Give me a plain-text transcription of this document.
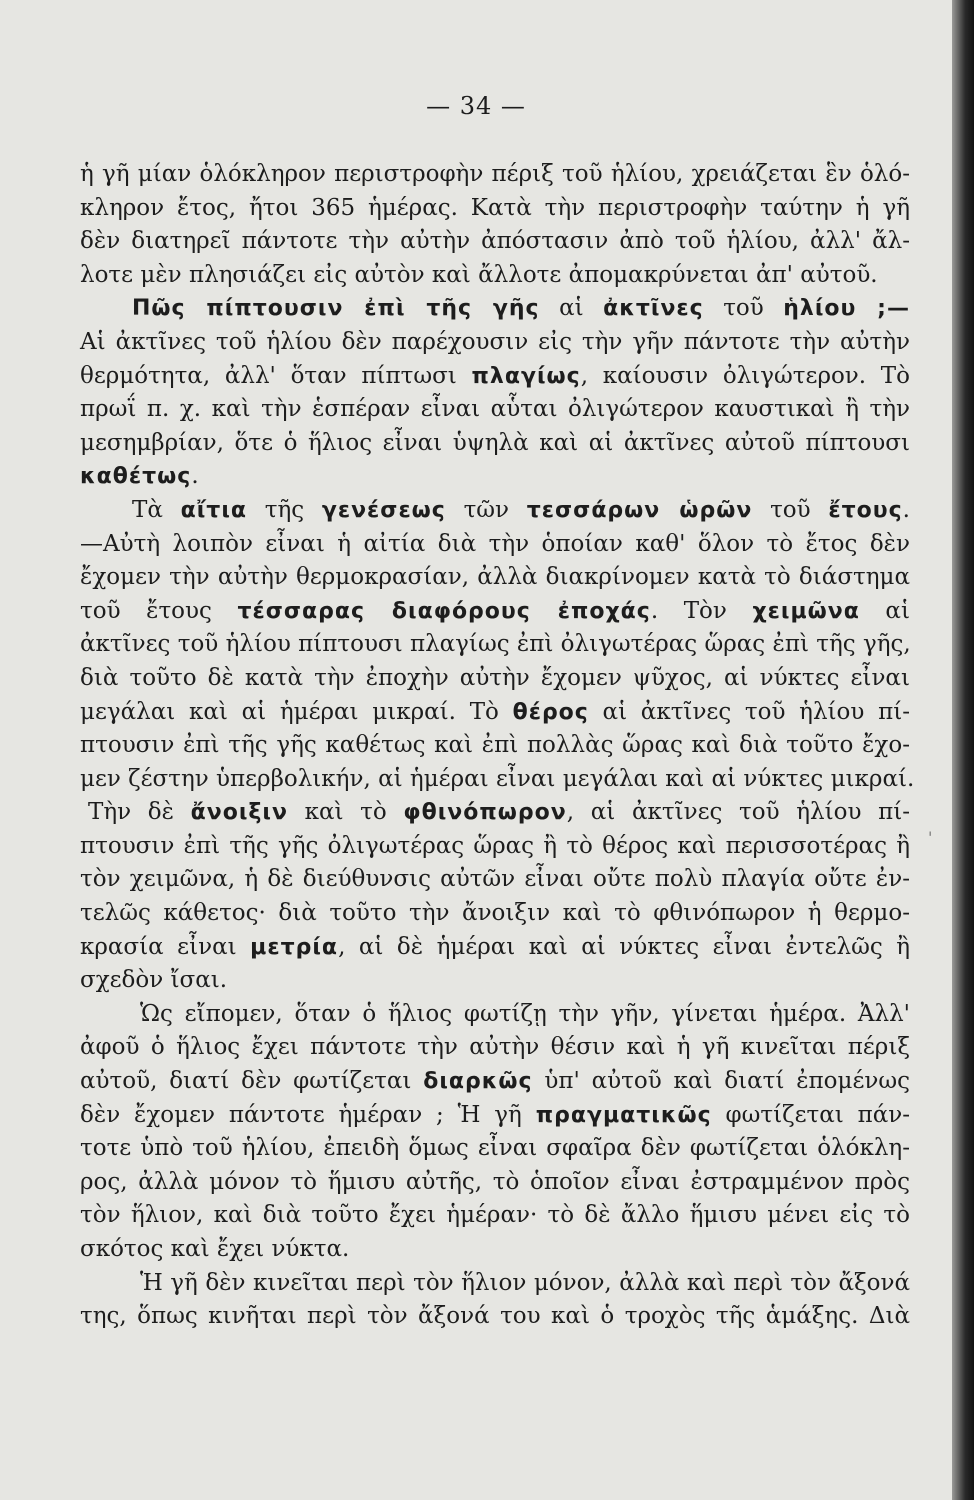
— 34 —
ἡ γῆ μίαν ὁλόκληρον περιστροφὴν πέριξ τοῦ ἡλίου, χρειάζεται ἓν ὁλό-
κληρον ἔτος, ἤτοι 365 ἡμέρας. Κατὰ τὴν περιστροφὴν ταύτην ἡ γῆ
δὲν διατηρεῖ πάντοτε τὴν αὐτὴν ἀπόστασιν ἀπὸ τοῦ ἡλίου, ἀλλ' ἄλ-
λοτε μὲν πλησιάζει εἰς αὐτὸν καὶ ἄλλοτε ἀπομακρύνεται ἀπ' αὐτοῦ.
Πῶς πίπτουσιν ἐπὶ τῆς γῆς αἱ ἀκτῖνες τοῦ ἡλίου ;—
Αἱ ἀκτῖνες τοῦ ἡλίου δὲν παρέχουσιν εἰς τὴν γῆν πάντοτε τὴν αὐτὴν
θερμότητα, ἀλλ' ὅταν πίπτωσι πλαγίως, καίουσιν ὀλιγώτερον. Τὸ
πρωΐ π. χ. καὶ τὴν ἑσπέραν εἶναι αὗται ὀλιγώτερον καυστικαὶ ἢ τὴν
μεσημβρίαν, ὅτε ὁ ἥλιος εἶναι ὑψηλὰ καὶ αἱ ἀκτῖνες αὐτοῦ πίπτουσι
καθέτως.
Τὰ αἴτια τῆς γενέσεως τῶν τεσσάρων ὡρῶν τοῦ ἔτους.
—Αὐτὴ λοιπὸν εἶναι ἡ αἰτία διὰ τὴν ὁποίαν καθ' ὅλον τὸ ἔτος δὲν
ἔχομεν τὴν αὐτὴν θερμοκρασίαν, ἀλλὰ διακρίνομεν κατὰ τὸ διάστημα
τοῦ ἔτους τέσσαρας διαφόρους ἐποχάς. Τὸν χειμῶνα αἱ
ἀκτῖνες τοῦ ἡλίου πίπτουσι πλαγίως ἐπὶ ὀλιγωτέρας ὥρας ἐπὶ τῆς γῆς,
διὰ τοῦτο δὲ κατὰ τὴν ἐποχὴν αὐτὴν ἔχομεν ψῦχος, αἱ νύκτες εἶναι
μεγάλαι καὶ αἱ ἡμέραι μικραί. Τὸ θέρος αἱ ἀκτῖνες τοῦ ἡλίου πί-
πτουσιν ἐπὶ τῆς γῆς καθέτως καὶ ἐπὶ πολλὰς ὥρας καὶ διὰ τοῦτο ἔχο-
μεν ζέστην ὑπερβολικήν, αἱ ἡμέραι εἶναι μεγάλαι καὶ αἱ νύκτες μικραί.
Τὴν δὲ ἄνοιξιν καὶ τὸ φθινόπωρον, αἱ ἀκτῖνες τοῦ ἡλίου πί-
πτουσιν ἐπὶ τῆς γῆς ὀλιγωτέρας ὥρας ἢ τὸ θέρος καὶ περισσοτέρας ἢ
τὸν χειμῶνα, ἡ δὲ διεύθυνσις αὐτῶν εἶναι οὔτε πολὺ πλαγία οὔτε ἐν-
τελῶς κάθετος· διὰ τοῦτο τὴν ἄνοιξιν καὶ τὸ φθινόπωρον ἡ θερμο-
κρασία εἶναι μετρία, αἱ δὲ ἡμέραι καὶ αἱ νύκτες εἶναι ἐντελῶς ἢ
σχεδὸν ἴσαι.
Ὡς εἴπομεν, ὅταν ὁ ἥλιος φωτίζῃ τὴν γῆν, γίνεται ἡμέρα. Ἀλλ'
ἀφοῦ ὁ ἥλιος ἔχει πάντοτε τὴν αὐτὴν θέσιν καὶ ἡ γῆ κινεῖται πέριξ
αὐτοῦ, διατί δὲν φωτίζεται διαρκῶς ὑπ' αὐτοῦ καὶ διατί ἐπομένως
δὲν ἔχομεν πάντοτε ἡμέραν ; Ἡ γῆ πραγματικῶς φωτίζεται πάν-
τοτε ὑπὸ τοῦ ἡλίου, ἐπειδὴ ὅμως εἶναι σφαῖρα δὲν φωτίζεται ὁλόκλη-
ρος, ἀλλὰ μόνον τὸ ἥμισυ αὐτῆς, τὸ ὁποῖον εἶναι ἐστραμμένον πρὸς
τὸν ἥλιον, καὶ διὰ τοῦτο ἔχει ἡμέραν· τὸ δὲ ἄλλο ἥμισυ μένει εἰς τὸ
σκότος καὶ ἔχει νύκτα.
Ἡ γῆ δὲν κινεῖται περὶ τὸν ἥλιον μόνον, ἀλλὰ καὶ περὶ τὸν ἄξονά
της, ὅπως κινῆται περὶ τὸν ἄξονά του καὶ ὁ τροχὸς τῆς ἁμάξης. Διὰ
'
